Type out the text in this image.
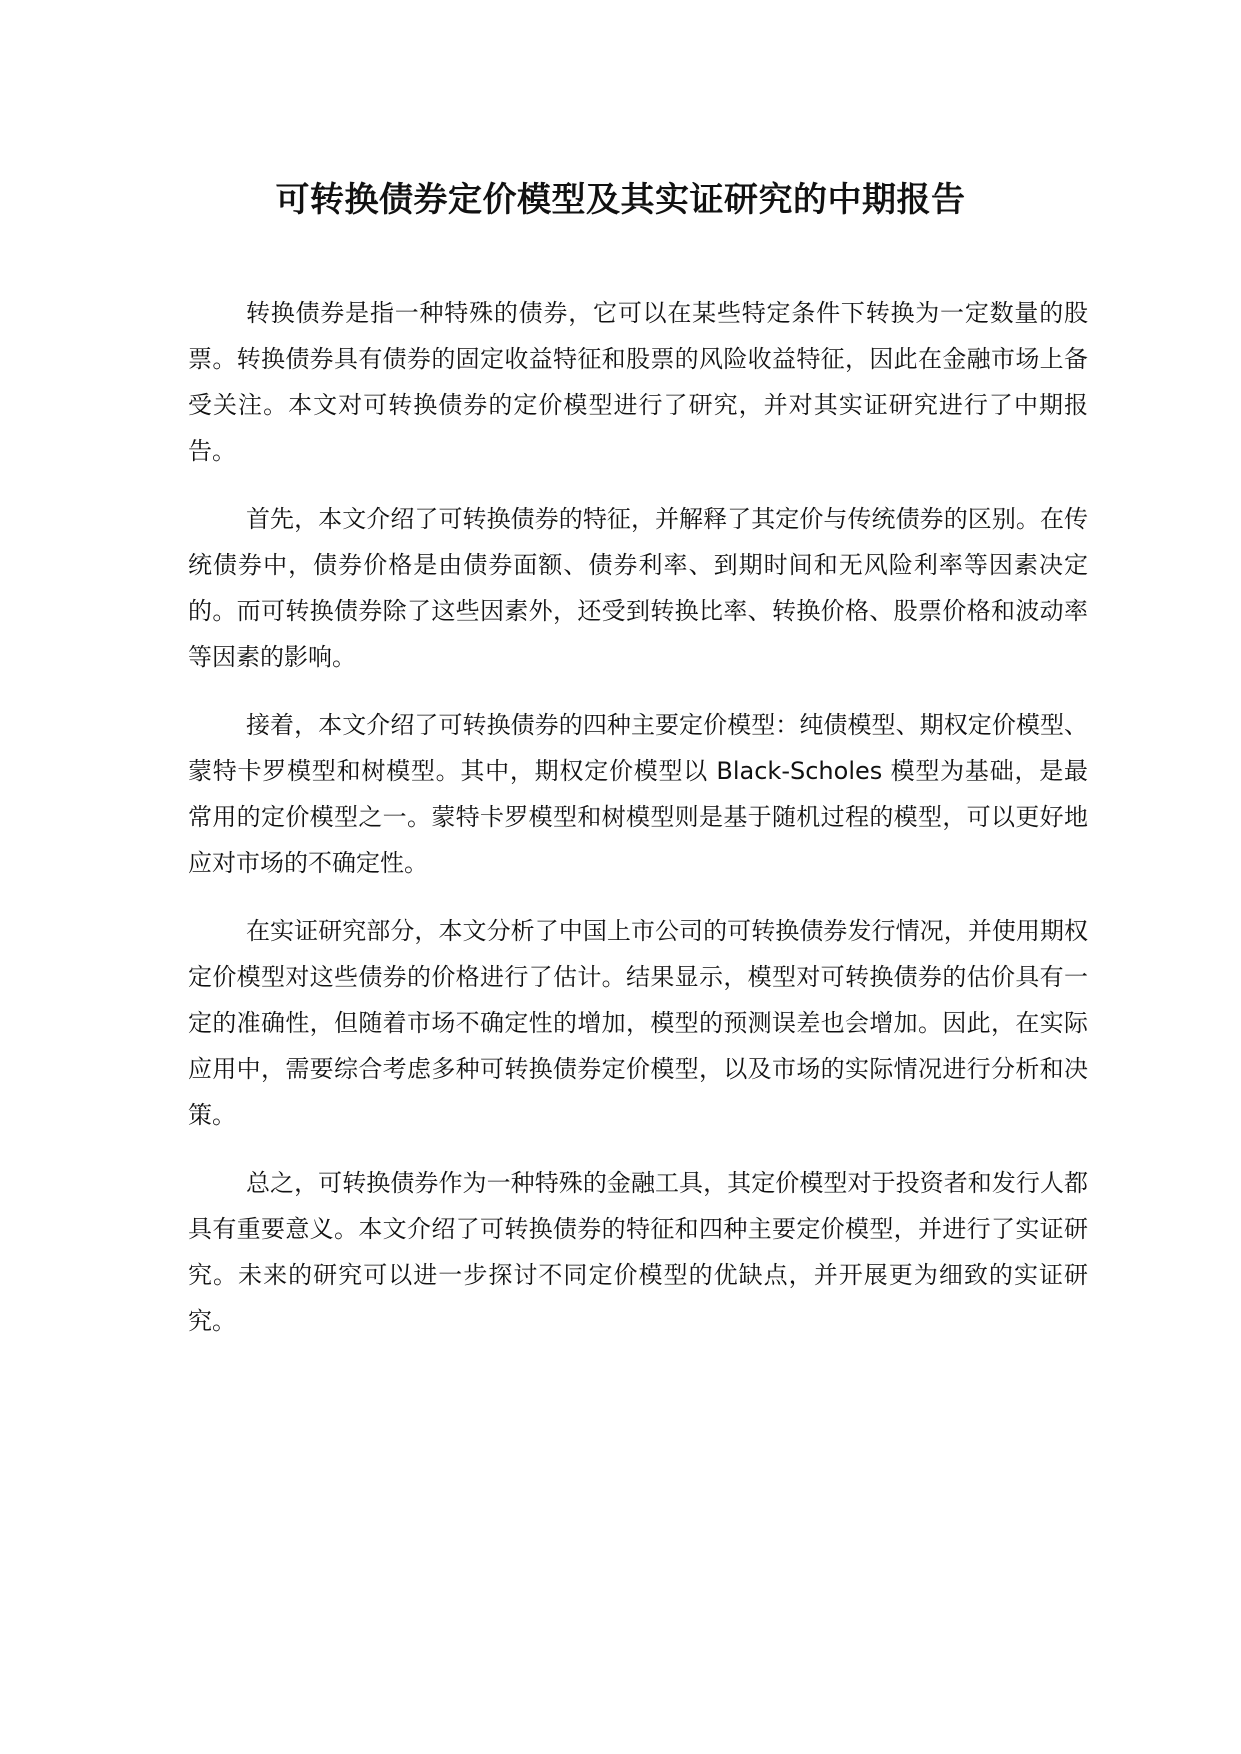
可转换债券定价模型及其实证研究的中期报告

转换债券是指一种特殊的债券，它可以在某些特定条件下转换为一定数量的股票。转换债券具有债券的固定收益特征和股票的风险收益特征，因此在金融市场上备受关注。本文对可转换债券的定价模型进行了研究，并对其实证研究进行了中期报告。

首先，本文介绍了可转换债券的特征，并解释了其定价与传统债券的区别。在传统债券中，债券价格是由债券面额、债券利率、到期时间和无风险利率等因素决定的。而可转换债券除了这些因素外，还受到转换比率、转换价格、股票价格和波动率等因素的影响。

接着，本文介绍了可转换债券的四种主要定价模型：纯债模型、期权定价模型、蒙特卡罗模型和树模型。其中，期权定价模型以 Black-Scholes 模型为基础，是最常用的定价模型之一。蒙特卡罗模型和树模型则是基于随机过程的模型，可以更好地应对市场的不确定性。

在实证研究部分，本文分析了中国上市公司的可转换债券发行情况，并使用期权定价模型对这些债券的价格进行了估计。结果显示，模型对可转换债券的估价具有一定的准确性，但随着市场不确定性的增加，模型的预测误差也会增加。因此，在实际应用中，需要综合考虑多种可转换债券定价模型，以及市场的实际情况进行分析和决策。

总之，可转换债券作为一种特殊的金融工具，其定价模型对于投资者和发行人都具有重要意义。本文介绍了可转换债券的特征和四种主要定价模型，并进行了实证研究。未来的研究可以进一步探讨不同定价模型的优缺点，并开展更为细致的实证研究。
